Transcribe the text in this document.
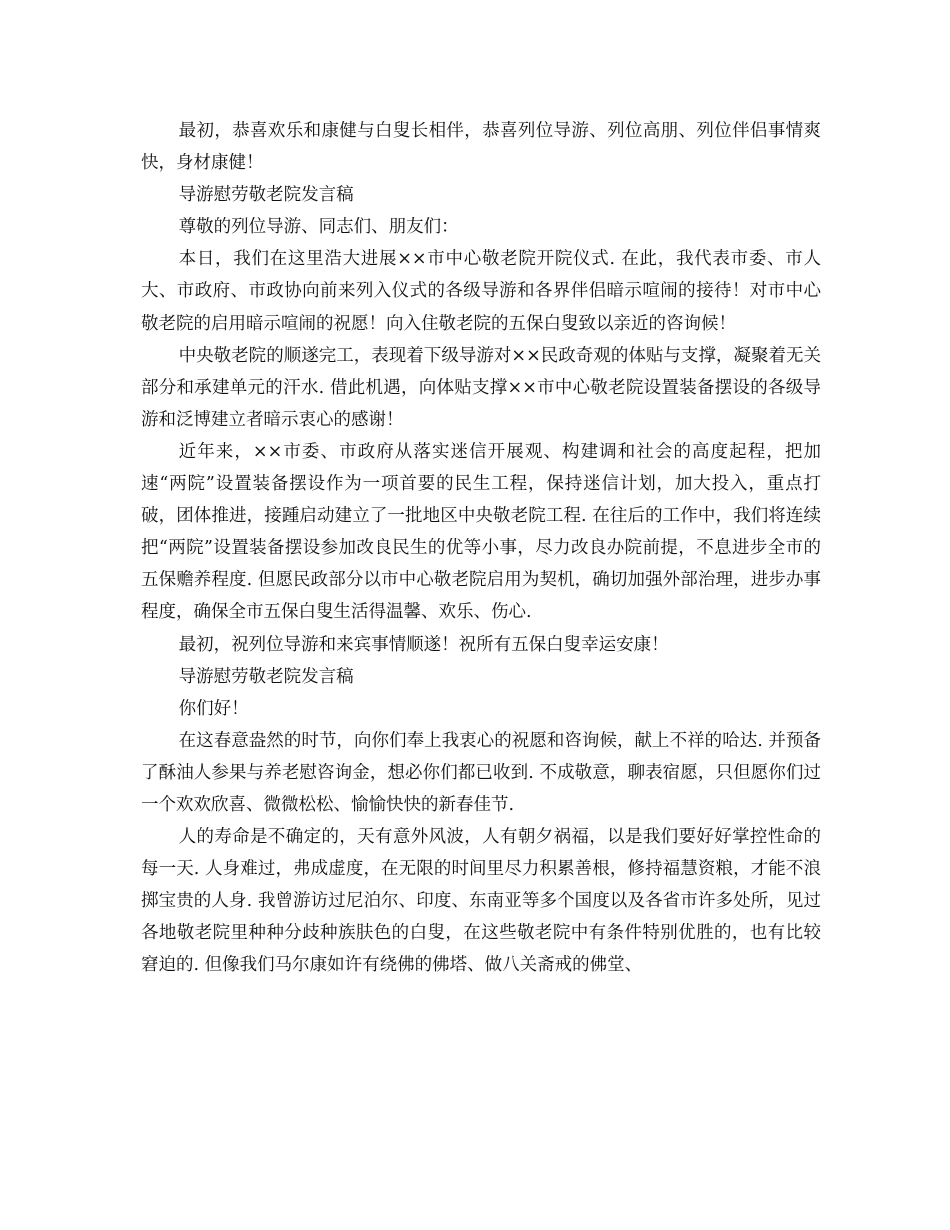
最初，恭喜欢乐和康健与白叟长相伴，恭喜列位导游、列位高朋、列位伴侣事情爽快，身材康健！

导游慰劳敬老院发言稿

尊敬的列位导游、同志们、朋友们：

本日，我们在这里浩大进展××市中心敬老院开院仪式. 在此，我代表市委、市人大、市政府、市政协向前来列入仪式的各级导游和各界伴侣暗示喧闹的接待！对市中心敬老院的启用暗示喧闹的祝愿！向入住敬老院的五保白叟致以亲近的咨询候！

中央敬老院的顺遂完工，表现着下级导游对××民政奇观的体贴与支撑，凝聚着无关部分和承建单元的汗水. 借此机遇，向体贴支撑××市中心敬老院设置装备摆设的各级导游和泛博建立者暗示衷心的感谢！

近年来，××市委、市政府从落实迷信开展观、构建调和社会的高度起程，把加速“两院”设置装备摆设作为一项首要的民生工程，保持迷信计划，加大投入，重点打破，团体推进，接踵启动建立了一批地区中央敬老院工程. 在往后的工作中，我们将连续把“两院”设置装备摆设参加改良民生的优等小事，尽力改良办院前提，不息进步全市的五保赡养程度. 但愿民政部分以市中心敬老院启用为契机，确切加强外部治理，进步办事程度，确保全市五保白叟生活得温馨、欢乐、伤心.

最初，祝列位导游和来宾事情顺遂！祝所有五保白叟幸运安康！

导游慰劳敬老院发言稿

你们好！

在这春意盎然的时节，向你们奉上我衷心的祝愿和咨询候，献上不祥的哈达. 并预备了酥油人参果与养老慰咨询金，想必你们都已收到. 不成敬意，聊表宿愿，只但愿你们过一个欢欢欣喜、微微松松、愉愉快快的新春佳节.

人的寿命是不确定的，天有意外风波，人有朝夕祸福，以是我们要好好掌控性命的每一天. 人身难过，弗成虚度，在无限的时间里尽力积累善根，修持福慧资粮，才能不浪掷宝贵的人身. 我曾游访过尼泊尔、印度、东南亚等多个国度以及各省市许多处所，见过各地敬老院里种种分歧种族肤色的白叟，在这些敬老院中有条件特别优胜的，也有比较窘迫的. 但像我们马尔康如许有绕佛的佛塔、做八关斋戒的佛堂、
